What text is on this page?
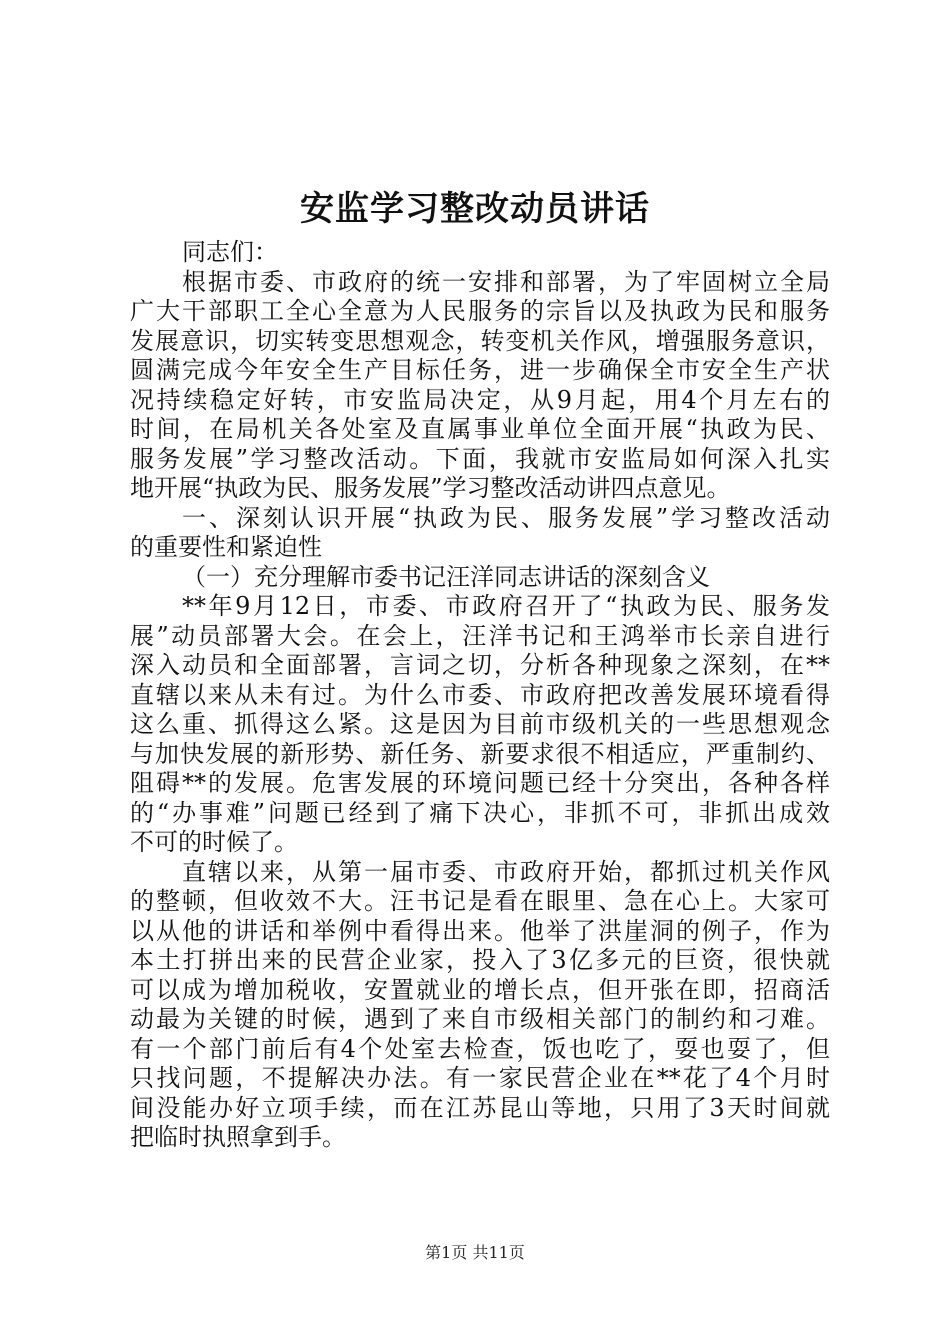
安监学习整改动员讲话
同志们：
根据市委、市政府的统一安排和部署，为了牢固树立全局
广大干部职工全心全意为人民服务的宗旨以及执政为民和服务
发展意识，切实转变思想观念，转变机关作风，增强服务意识，
圆满完成今年安全生产目标任务，进一步确保全市安全生产状
况持续稳定好转，市安监局决定，从9月起，用4个月左右的
时间，在局机关各处室及直属事业单位全面开展“执政为民、
服务发展”学习整改活动。下面，我就市安监局如何深入扎实
地开展“执政为民、服务发展”学习整改活动讲四点意见。
一、深刻认识开展“执政为民、服务发展”学习整改活动
的重要性和紧迫性
（一）充分理解市委书记汪洋同志讲话的深刻含义
**年9月12日，市委、市政府召开了“执政为民、服务发
展”动员部署大会。在会上，汪洋书记和王鸿举市长亲自进行
深入动员和全面部署，言词之切，分析各种现象之深刻，在**
直辖以来从未有过。为什么市委、市政府把改善发展环境看得
这么重、抓得这么紧。这是因为目前市级机关的一些思想观念
与加快发展的新形势、新任务、新要求很不相适应，严重制约、
阻碍**的发展。危害发展的环境问题已经十分突出，各种各样
的“办事难”问题已经到了痛下决心，非抓不可，非抓出成效
不可的时候了。
直辖以来，从第一届市委、市政府开始，都抓过机关作风
的整顿，但收效不大。汪书记是看在眼里、急在心上。大家可
以从他的讲话和举例中看得出来。他举了洪崖洞的例子，作为
本土打拼出来的民营企业家，投入了3亿多元的巨资，很快就
可以成为增加税收，安置就业的增长点，但开张在即，招商活
动最为关键的时候，遇到了来自市级相关部门的制约和刁难。
有一个部门前后有4个处室去检查，饭也吃了，耍也耍了，但
只找问题，不提解决办法。有一家民营企业在**花了4个月时
间没能办好立项手续，而在江苏昆山等地，只用了3天时间就
把临时执照拿到手。
第1页 共11页
